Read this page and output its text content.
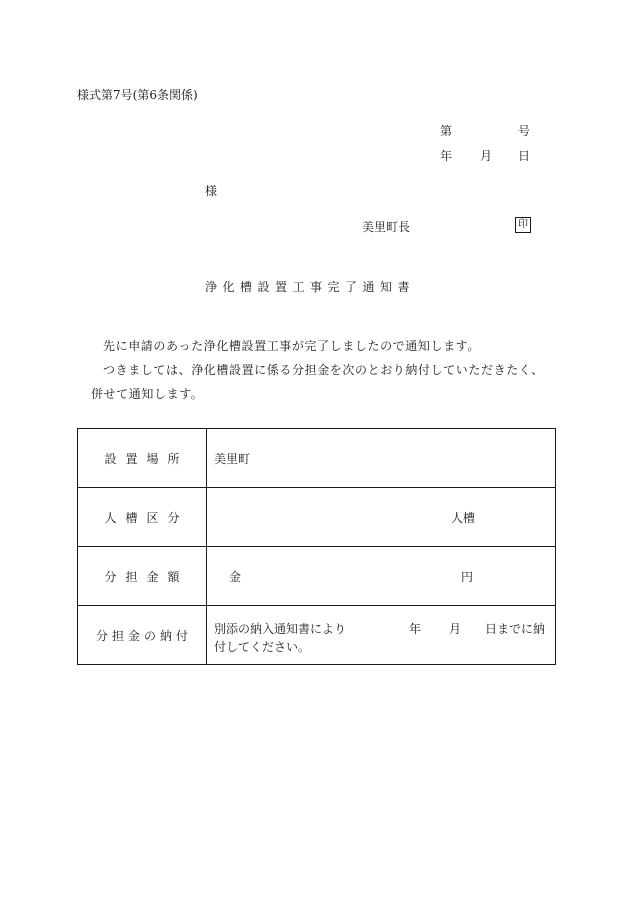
様式第7号(第6条関係)
第	号
年 月 日
様
美里町長	印
浄化槽設置工事完了通知書
先に申請のあった浄化槽設置工事が完了しましたので通知します。
つきましては、浄化槽設置に係る分担金を次のとおり納付していただきたく、
併せて通知します。
設置場所	美里町

人槽区分	人槽

分担金額	金 円

分担金の納付	別添の納入通知書により 年 月 日までに納
付してください。
